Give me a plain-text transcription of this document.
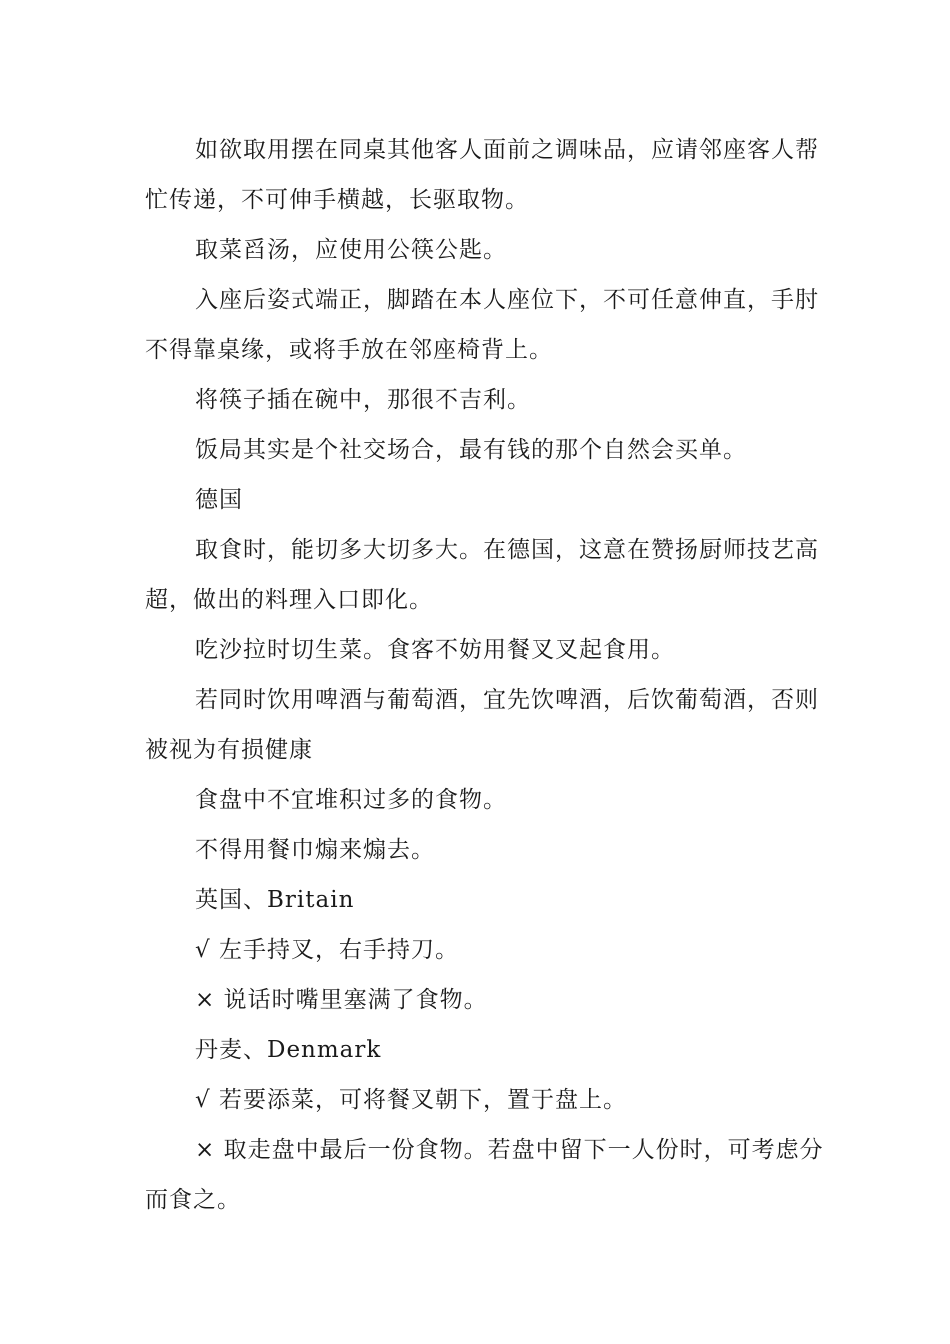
如欲取用摆在同桌其他客人面前之调味品，应请邻座客人帮忙传递，不可伸手横越，长驱取物。

取菜舀汤，应使用公筷公匙。

入座后姿式端正，脚踏在本人座位下，不可任意伸直，手肘不得靠桌缘，或将手放在邻座椅背上。

将筷子插在碗中，那很不吉利。

饭局其实是个社交场合，最有钱的那个自然会买单。

德国

取食时，能切多大切多大。在德国，这意在赞扬厨师技艺高超，做出的料理入口即化。

吃沙拉时切生菜。食客不妨用餐叉叉起食用。

若同时饮用啤酒与葡萄酒，宜先饮啤酒，后饮葡萄酒，否则被视为有损健康

食盘中不宜堆积过多的食物。

不得用餐巾煽来煽去。

英国、Britain

√ 左手持叉，右手持刀。

× 说话时嘴里塞满了食物。

丹麦、Denmark

√ 若要添菜，可将餐叉朝下，置于盘上。

× 取走盘中最后一份食物。若盘中留下一人份时，可考虑分而食之。
